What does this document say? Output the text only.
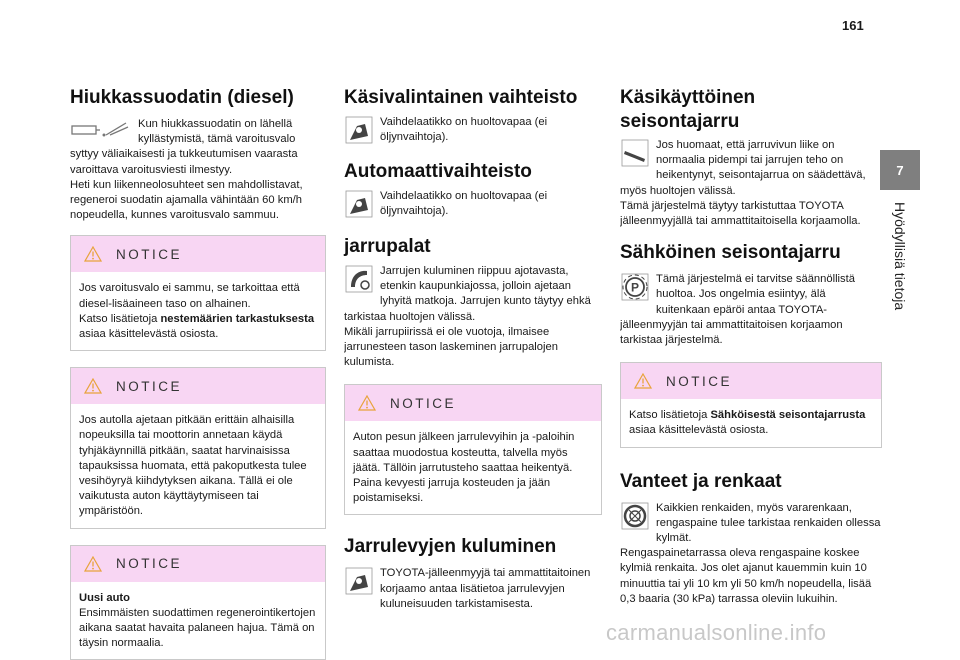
161
7
Hyödyllisiä tietoja
Hiukkassuodatin (diesel)

Kun hiukkassuodatin on lähellä kyllästymistä, tämä varoitusvalo syttyy väliaikaisesti ja tukkeutumisen vaarasta varoittava varoitusviesti ilmestyy.
Heti kun liikenneolosuhteet sen mahdollistavat, regeneroi suodatin ajamalla vähintään 60 km/h nopeudella, kunnes varoitusvalo sammuu.

NOTICE
Jos varoitusvalo ei sammu, se tarkoittaa että diesel-lisäaineen taso on alhainen.
Katso lisätietoja nestemäärien tarkastuksesta asiaa käsittelevästä osiosta.
NOTICE
Jos autolla ajetaan pitkään erittäin alhaisilla nopeuksilla tai moottorin annetaan käydä tyhjäkäynnillä pitkään, saatat harvinaisissa tapauksissa huomata, että pakoputkesta tulee vesihöyryä kiihdytyksen aikana. Tällä ei ole vaikutusta auton käyttäytymiseen tai ympäristöön.
NOTICE
Uusi auto
Ensimmäisten suodattimen regenerointikertojen aikana saatat havaita palaneen hajua. Tämä on täysin normaalia.
Käsivalintainen vaihteisto

Vaihdelaatikko on huoltovapaa (ei öljynvaihtoja).

Automaattivaihteisto

Vaihdelaatikko on huoltovapaa (ei öljynvaihtoja).

jarrupalat

Jarrujen kuluminen riippuu ajotavasta, etenkin kaupunkiajossa, jolloin ajetaan lyhyitä matkoja. Jarrujen kunto täytyy ehkä tarkistaa huoltojen välissä.
Mikäli jarrupiirissä ei ole vuotoja, ilmaisee jarrunesteen tason laskeminen jarrupalojen kulumista.

NOTICE
Auton pesun jälkeen jarrulevyihin ja -paloihin saattaa muodostua kosteutta, talvella myös jäätä. Tällöin jarrutusteho saattaa heikentyä. Paina kevyesti jarruja kosteuden ja jään poistamiseksi.
Jarrulevyjen kuluminen

TOYOTA-jälleenmyyjä tai ammattitaitoinen korjaamo antaa lisätietoa jarrulevyjen kuluneisuuden tarkistamisesta.

Käsikäyttöinen
seisontajarru

Jos huomaat, että jarruvivun liike on normaalia pidempi tai jarrujen teho on heikentynyt, seisontajarrua on säädettävä, myös huoltojen välissä.
Tämä järjestelmä täytyy tarkistuttaa TOYOTA jälleenmyyjällä tai ammattitaitoisella korjaamolla.

Sähköinen seisontajarru
P

Tämä järjestelmä ei tarvitse säännöllistä huoltoa. Jos ongelmia esiintyy, älä kuitenkaan epäröi antaa TOYOTA-jälleenmyyjän tai ammattitaitoisen korjaamon tarkistaa järjestelmä.

NOTICE
Katso lisätietoja Sähköisestä seisontajarrusta asiaa käsittelevästä osiosta.
Vanteet ja renkaat

Kaikkien renkaiden, myös vararenkaan, rengaspaine tulee tarkistaa renkaiden ollessa kylmät.
Rengaspainetarrassa oleva rengaspaine koskee kylmiä renkaita. Jos olet ajanut kauemmin kuin 10 minuuttia tai yli 10 km yli 50 km/h nopeudella, lisää 0,3 baaria (30 kPa) tarrassa oleviin lukuihin.

carmanualsonline.info
